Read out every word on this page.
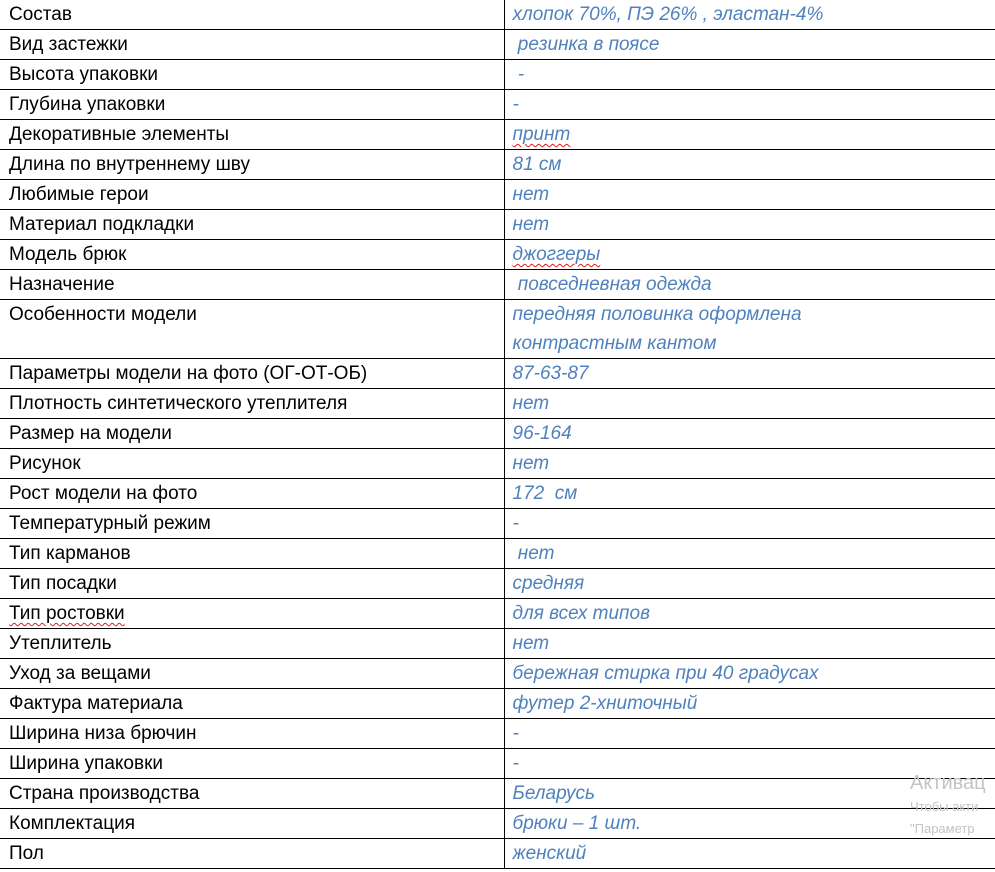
Состав	хлопок 70%, ПЭ 26% , эластан-4%
Вид застежки	резинка в поясе
Высота упаковки	-
Глубина упаковки	-
Декоративные элементы	принт
Длина по внутреннему шву	81 см
Любимые герои	нет
Материал подкладки	нет
Модель брюк	джоггеры
Назначение	повседневная одежда
Особенности модели	передняя половинка оформлена контрастным кантом
Параметры модели на фото (ОГ-ОТ-ОБ)	87-63-87
Плотность синтетического утеплителя	нет
Размер на модели	96-164
Рисунок	нет
Рост модели на фото	172  см
Температурный режим	-
Тип карманов	нет
Тип посадки	средняя
Тип ростовки	для всех типов
Утеплитель	нет
Уход за вещами	бережная стирка при 40 градусах
Фактура материала	футер 2-хниточный
Ширина низа брючин	-
Ширина упаковки	-
Страна производства	Беларусь
Комплектация	брюки – 1 шт.
Пол	женский
Активац
Чтобы акти
"Параметр
